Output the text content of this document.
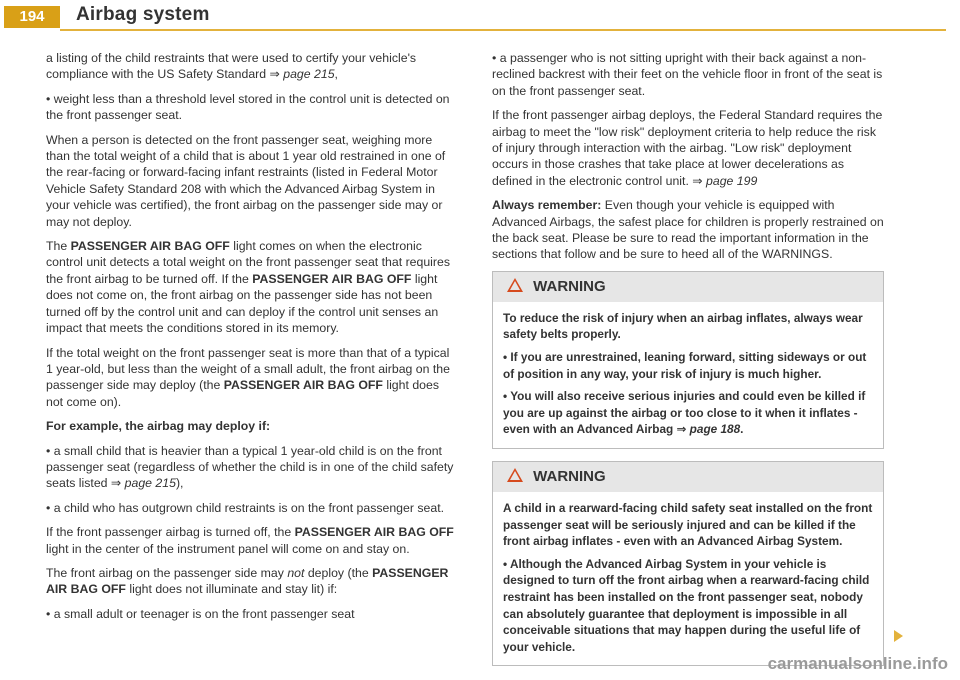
194	Airbag system

a listing of the child restraints that were used to certify your vehicle's compliance with the US Safety Standard ⇒ page 215,

• weight less than a threshold level stored in the control unit is detected on the front passenger seat.

When a person is detected on the front passenger seat, weighing more than the total weight of a child that is about 1 year old restrained in one of the rear-facing or forward-facing infant restraints (listed in Federal Motor Vehicle Safety Standard 208 with which the Advanced Airbag System in your vehicle was certified), the front airbag on the passenger side may or may not deploy.

The PASSENGER AIR BAG OFF light comes on when the electronic control unit detects a total weight on the front passenger seat that requires the front airbag to be turned off. If the PASSENGER AIR BAG OFF light does not come on, the front airbag on the passenger side has not been turned off by the control unit and can deploy if the control unit senses an impact that meets the conditions stored in its memory.

If the total weight on the front passenger seat is more than that of a typical 1 year-old, but less than the weight of a small adult, the front airbag on the passenger side may deploy (the PASSENGER AIR BAG OFF light does not come on).

For example, the airbag may deploy if:

• a small child that is heavier than a typical 1 year-old child is on the front passenger seat (regardless of whether the child is in one of the child safety seats listed ⇒ page 215),

• a child who has outgrown child restraints is on the front passenger seat.

If the front passenger airbag is turned off, the PASSENGER AIR BAG OFF light in the center of the instrument panel will come on and stay on.

The front airbag on the passenger side may not deploy (the PASSENGER AIR BAG OFF light does not illuminate and stay lit) if:

• a small adult or teenager is on the front passenger seat

• a passenger who is not sitting upright with their back against a non-reclined backrest with their feet on the vehicle floor in front of the seat is on the front passenger seat.

If the front passenger airbag deploys, the Federal Standard requires the airbag to meet the "low risk" deployment criteria to help reduce the risk of injury through interaction with the airbag. "Low risk" deployment occurs in those crashes that take place at lower decelerations as defined in the electronic control unit. ⇒ page 199

Always remember: Even though your vehicle is equipped with Advanced Airbags, the safest place for children is properly restrained on the back seat. Please be sure to read the important information in the sections that follow and be sure to heed all of the WARNINGS.

WARNING

To reduce the risk of injury when an airbag inflates, always wear safety belts properly.

• If you are unrestrained, leaning forward, sitting sideways or out of position in any way, your risk of injury is much higher.

• You will also receive serious injuries and could even be killed if you are up against the airbag or too close to it when it inflates - even with an Advanced Airbag ⇒ page 188.

WARNING

A child in a rearward-facing child safety seat installed on the front passenger seat will be seriously injured and can be killed if the front airbag inflates - even with an Advanced Airbag System.

• Although the Advanced Airbag System in your vehicle is designed to turn off the front airbag when a rearward-facing child restraint has been installed on the front passenger seat, nobody can absolutely guarantee that deployment is impossible in all conceivable situations that may happen during the useful life of your vehicle.

carmanualsonline.info
